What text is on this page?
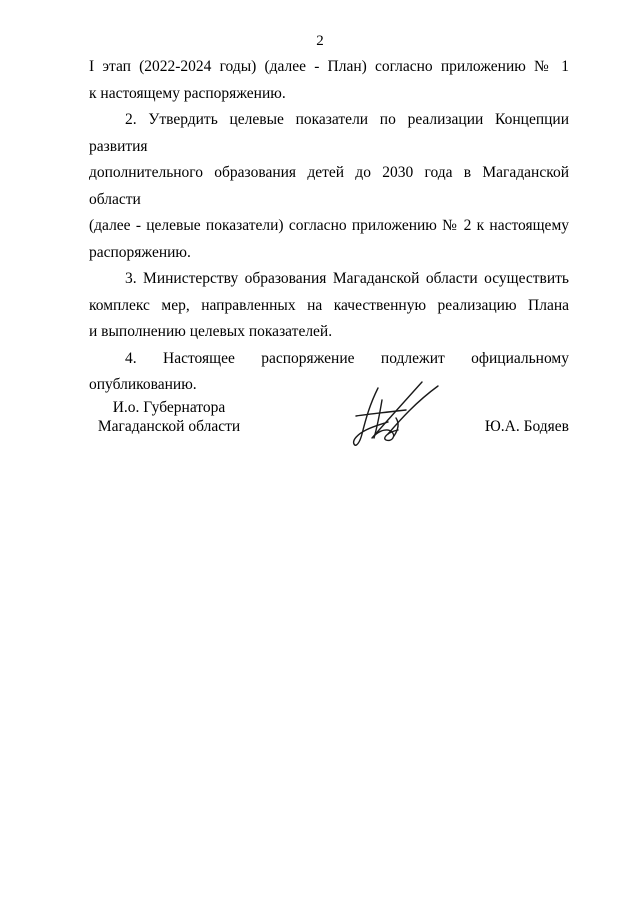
2

I этап (2022-2024 годы) (далее - План) согласно приложению № 1
к настоящему распоряжению.

2. Утвердить целевые показатели по реализации Концепции развития
дополнительного образования детей до 2030 года в Магаданской области
(далее - целевые показатели) согласно приложению № 2 к настоящему
распоряжению.

3. Министерству образования Магаданской области осуществить
комплекс мер, направленных на качественную реализацию Плана
и выполнению целевых показателей.

4. Настоящее распоряжение подлежит официальному
опубликованию.

И.о. Губернатора
Магаданской области	Ю.А. Бодяев
